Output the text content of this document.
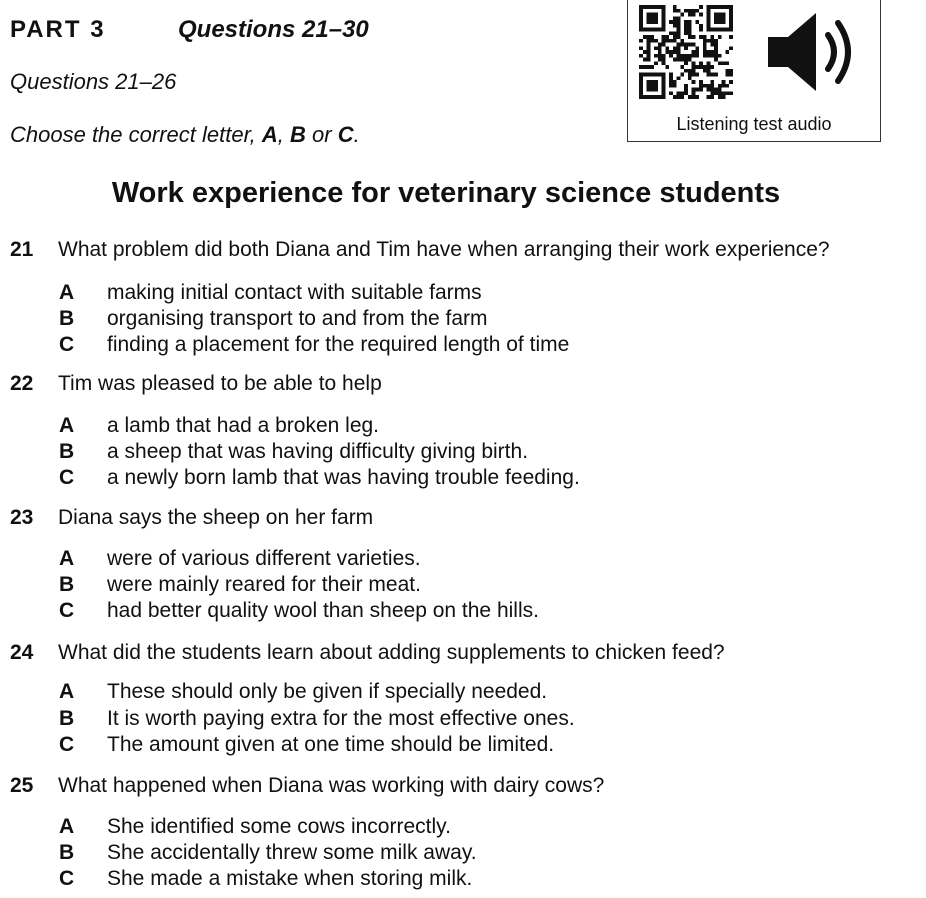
PART 3	Questions 21–30
Questions 21–26
Choose the correct letter, A, B or C.	Listening test audio
Work experience for veterinary science students
21 What problem did both Diana and Tim have when arranging their work experience?
A making initial contact with suitable farms
B organising transport to and from the farm
C finding a placement for the required length of time
22 Tim was pleased to be able to help
A a lamb that had a broken leg.
B a sheep that was having difficulty giving birth.
C a newly born lamb that was having trouble feeding.
23 Diana says the sheep on her farm
A were of various different varieties.
B were mainly reared for their meat.
C had better quality wool than sheep on the hills.
24 What did the students learn about adding supplements to chicken feed?
A These should only be given if specially needed.
B It is worth paying extra for the most effective ones.
C The amount given at one time should be limited.
25 What happened when Diana was working with dairy cows?
A She identified some cows incorrectly.
B She accidentally threw some milk away.
C She made a mistake when storing milk.
